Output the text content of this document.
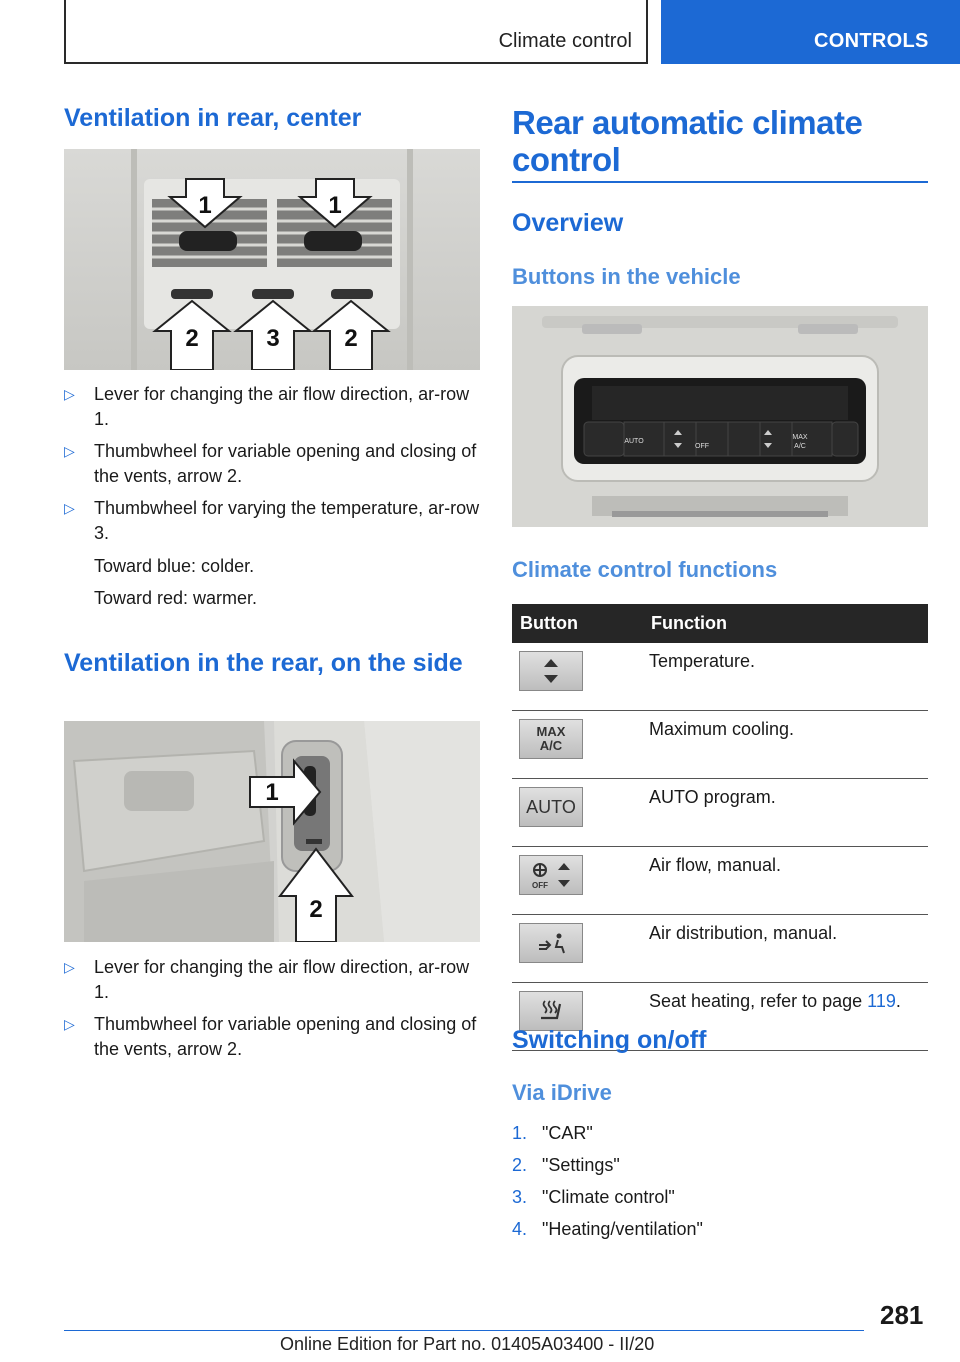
Climate control	CONTROLS
Ventilation in rear, center
1	1
2	3	2
▷ Lever for changing the air flow direction, ar-row 1.
▷ Thumbwheel for variable opening and closing of the vents, arrow 2.
▷ Thumbwheel for varying the temperature, ar-row 3.
Toward blue: colder.
Toward red: warmer.
Ventilation in the rear, on the side
1
2
▷ Lever for changing the air flow direction, ar-row 1.
▷ Thumbwheel for variable opening and closing of the vents, arrow 2.
Rear automatic climate control
Overview
Buttons in the vehicle
AUTO
MAX
A/C
OFF
Climate control functions
Button	Function

	Temperature.

MAX
A/C	Maximum cooling.

AUTO	AUTO program.

OFF	Air flow, manual.

	Air distribution, manual.

	Seat heating, refer to page 119.
Switching on/off
Via iDrive
1. "CAR"
2. "Settings"
3. "Climate control"
4. "Heating/ventilation"
281
Online Edition for Part no. 01405A03400 - II/20
